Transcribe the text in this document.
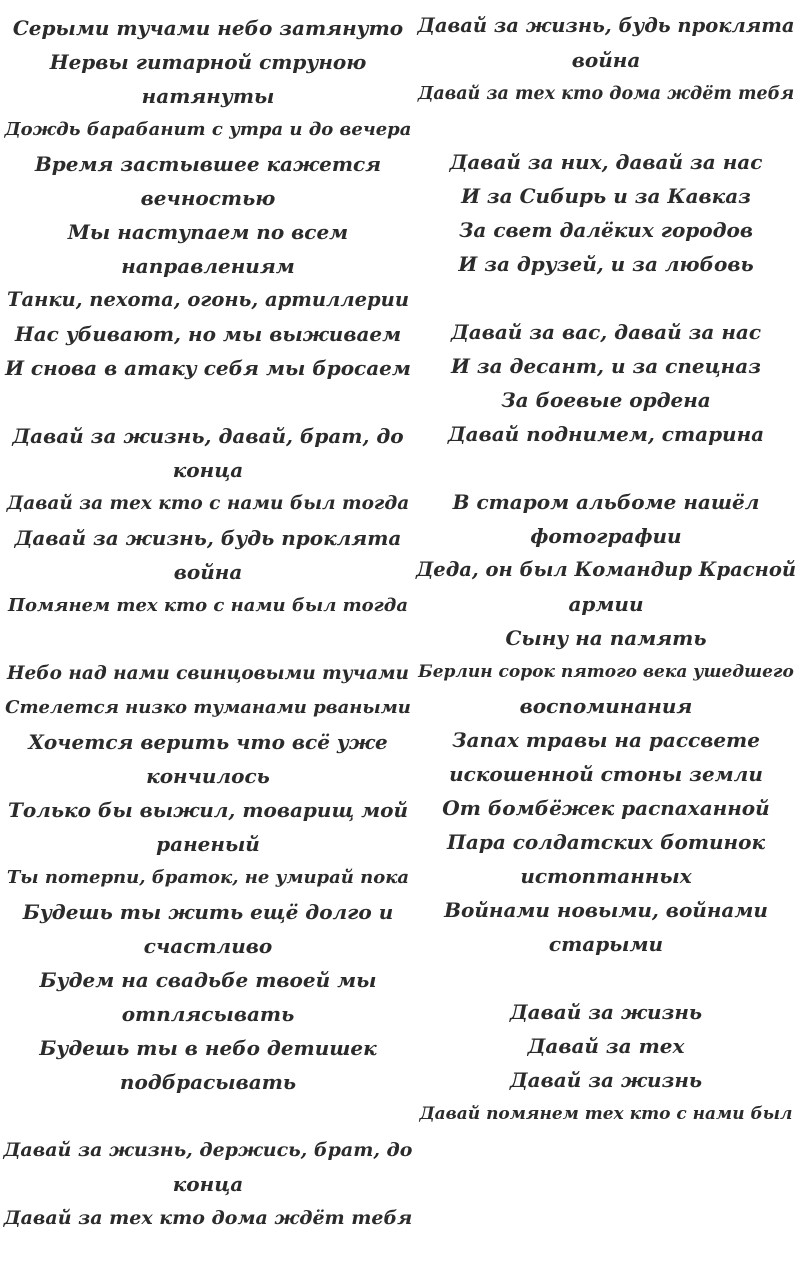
Серыми тучами небо затянуто
Нервы гитарной струною
натянуты
Дождь барабанит с утра и до вечера
Время застывшее кажется
вечностью
Мы наступаем по всем
направлениям
Танки, пехота, огонь, артиллерии
Нас убивают, но мы выживаем
И снова в атаку себя мы бросаем
Давай за жизнь, давай, брат, до
конца
Давай за тех кто с нами был тогда
Давай за жизнь, будь проклята
война
Помянем тех кто с нами был тогда
Небо над нами свинцовыми тучами
Стелется низко туманами рваными
Хочется верить что всё уже
кончилось
Только бы выжил, товарищ мой
раненый
Ты потерпи, браток, не умирай пока
Будешь ты жить ещё долго и
счастливо
Будем на свадьбе твоей мы
отплясывать
Будешь ты в небо детишек
подбрасывать
Давай за жизнь, держись, брат, до
конца
Давай за тех кто дома ждёт тебя
Давай за жизнь, будь проклята
война
Давай за тех кто дома ждёт тебя
Давай за них, давай за нас
И за Сибирь и за Кавказ
За свет далёких городов
И за друзей, и за любовь
Давай за вас, давай за нас
И за десант, и за спецназ
За боевые ордена
Давай поднимем, старина
В старом альбоме нашёл
фотографии
Деда, он был Командир Красной
армии
Сыну на память
Берлин сорок пятого века ушедшего
воспоминания
Запах травы на рассвете
искошенной стоны земли
От бомбёжек распаханной
Пара солдатских ботинок
истоптанных
Войнами новыми, войнами
старыми
Давай за жизнь
Давай за тех
Давай за жизнь
Давай помянем тех кто с нами был
